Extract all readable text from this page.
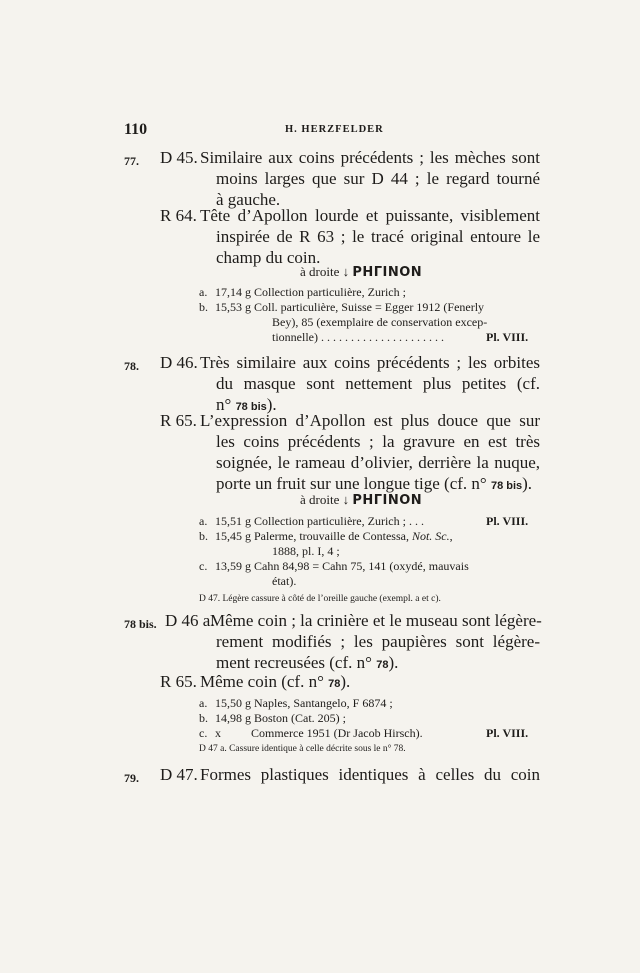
110	H. HERZFELDER
77. D 45. Similaire aux coins précédents ; les mèches sont
moins larges que sur D 44 ; le regard tourné
à gauche.
R 64. Tête d’Apollon lourde et puissante, visiblement
inspirée de R 63 ; le tracé original entoure le
champ du coin.
à droite ↓ ΡΗΓΙΝΟΝ
a. 17,14 g Collection particulière, Zurich ;
b. 15,53 g Coll. particulière, Suisse = Egger 1912 (Fenerly
Bey), 85 (exemplaire de conservation excep-
tionnelle) . . . . . . . . . . . . . . . . . . . . .	Pl. VIII.
78. D 46. Très similaire aux coins précédents ; les orbites
du masque sont nettement plus petites (cf.
n° 78 bis).
R 65. L’expression d’Apollon est plus douce que sur
les coins précédents ; la gravure en est très
soignée, le rameau d’olivier, derrière la nuque,
porte un fruit sur une longue tige (cf. n° 78 bis).
à droite ↓ ΡΗΓΙΝΟΝ
a. 15,51 g Collection particulière, Zurich ; . . .	Pl. VIII.
b. 15,45 g Palerme, trouvaille de Contessa, Not. Sc.,
1888, pl. I, 4 ;
c. 13,59 g Cahn 84,98 = Cahn 75, 141 (oxydé, mauvais
état).
D 47. Légère cassure à côté de l’oreille gauche (exempl. a et c).
78 bis. D 46 a.
Même coin ; la crinière et le museau sont légère-
rement modifiés ; les paupières sont légère-
ment recreusées (cf. n° 78).
R 65. Même coin (cf. n° 78).
a. 15,50 g Naples, Santangelo, F 6874 ;
b. 14,98 g Boston (Cat. 205) ;
c. x          Commerce 1951 (Dr Jacob Hirsch).	Pl. VIII.
D 47 a. Cassure identique à celle décrite sous le n° 78.
79. D 47. Formes plastiques identiques à celles du coin
